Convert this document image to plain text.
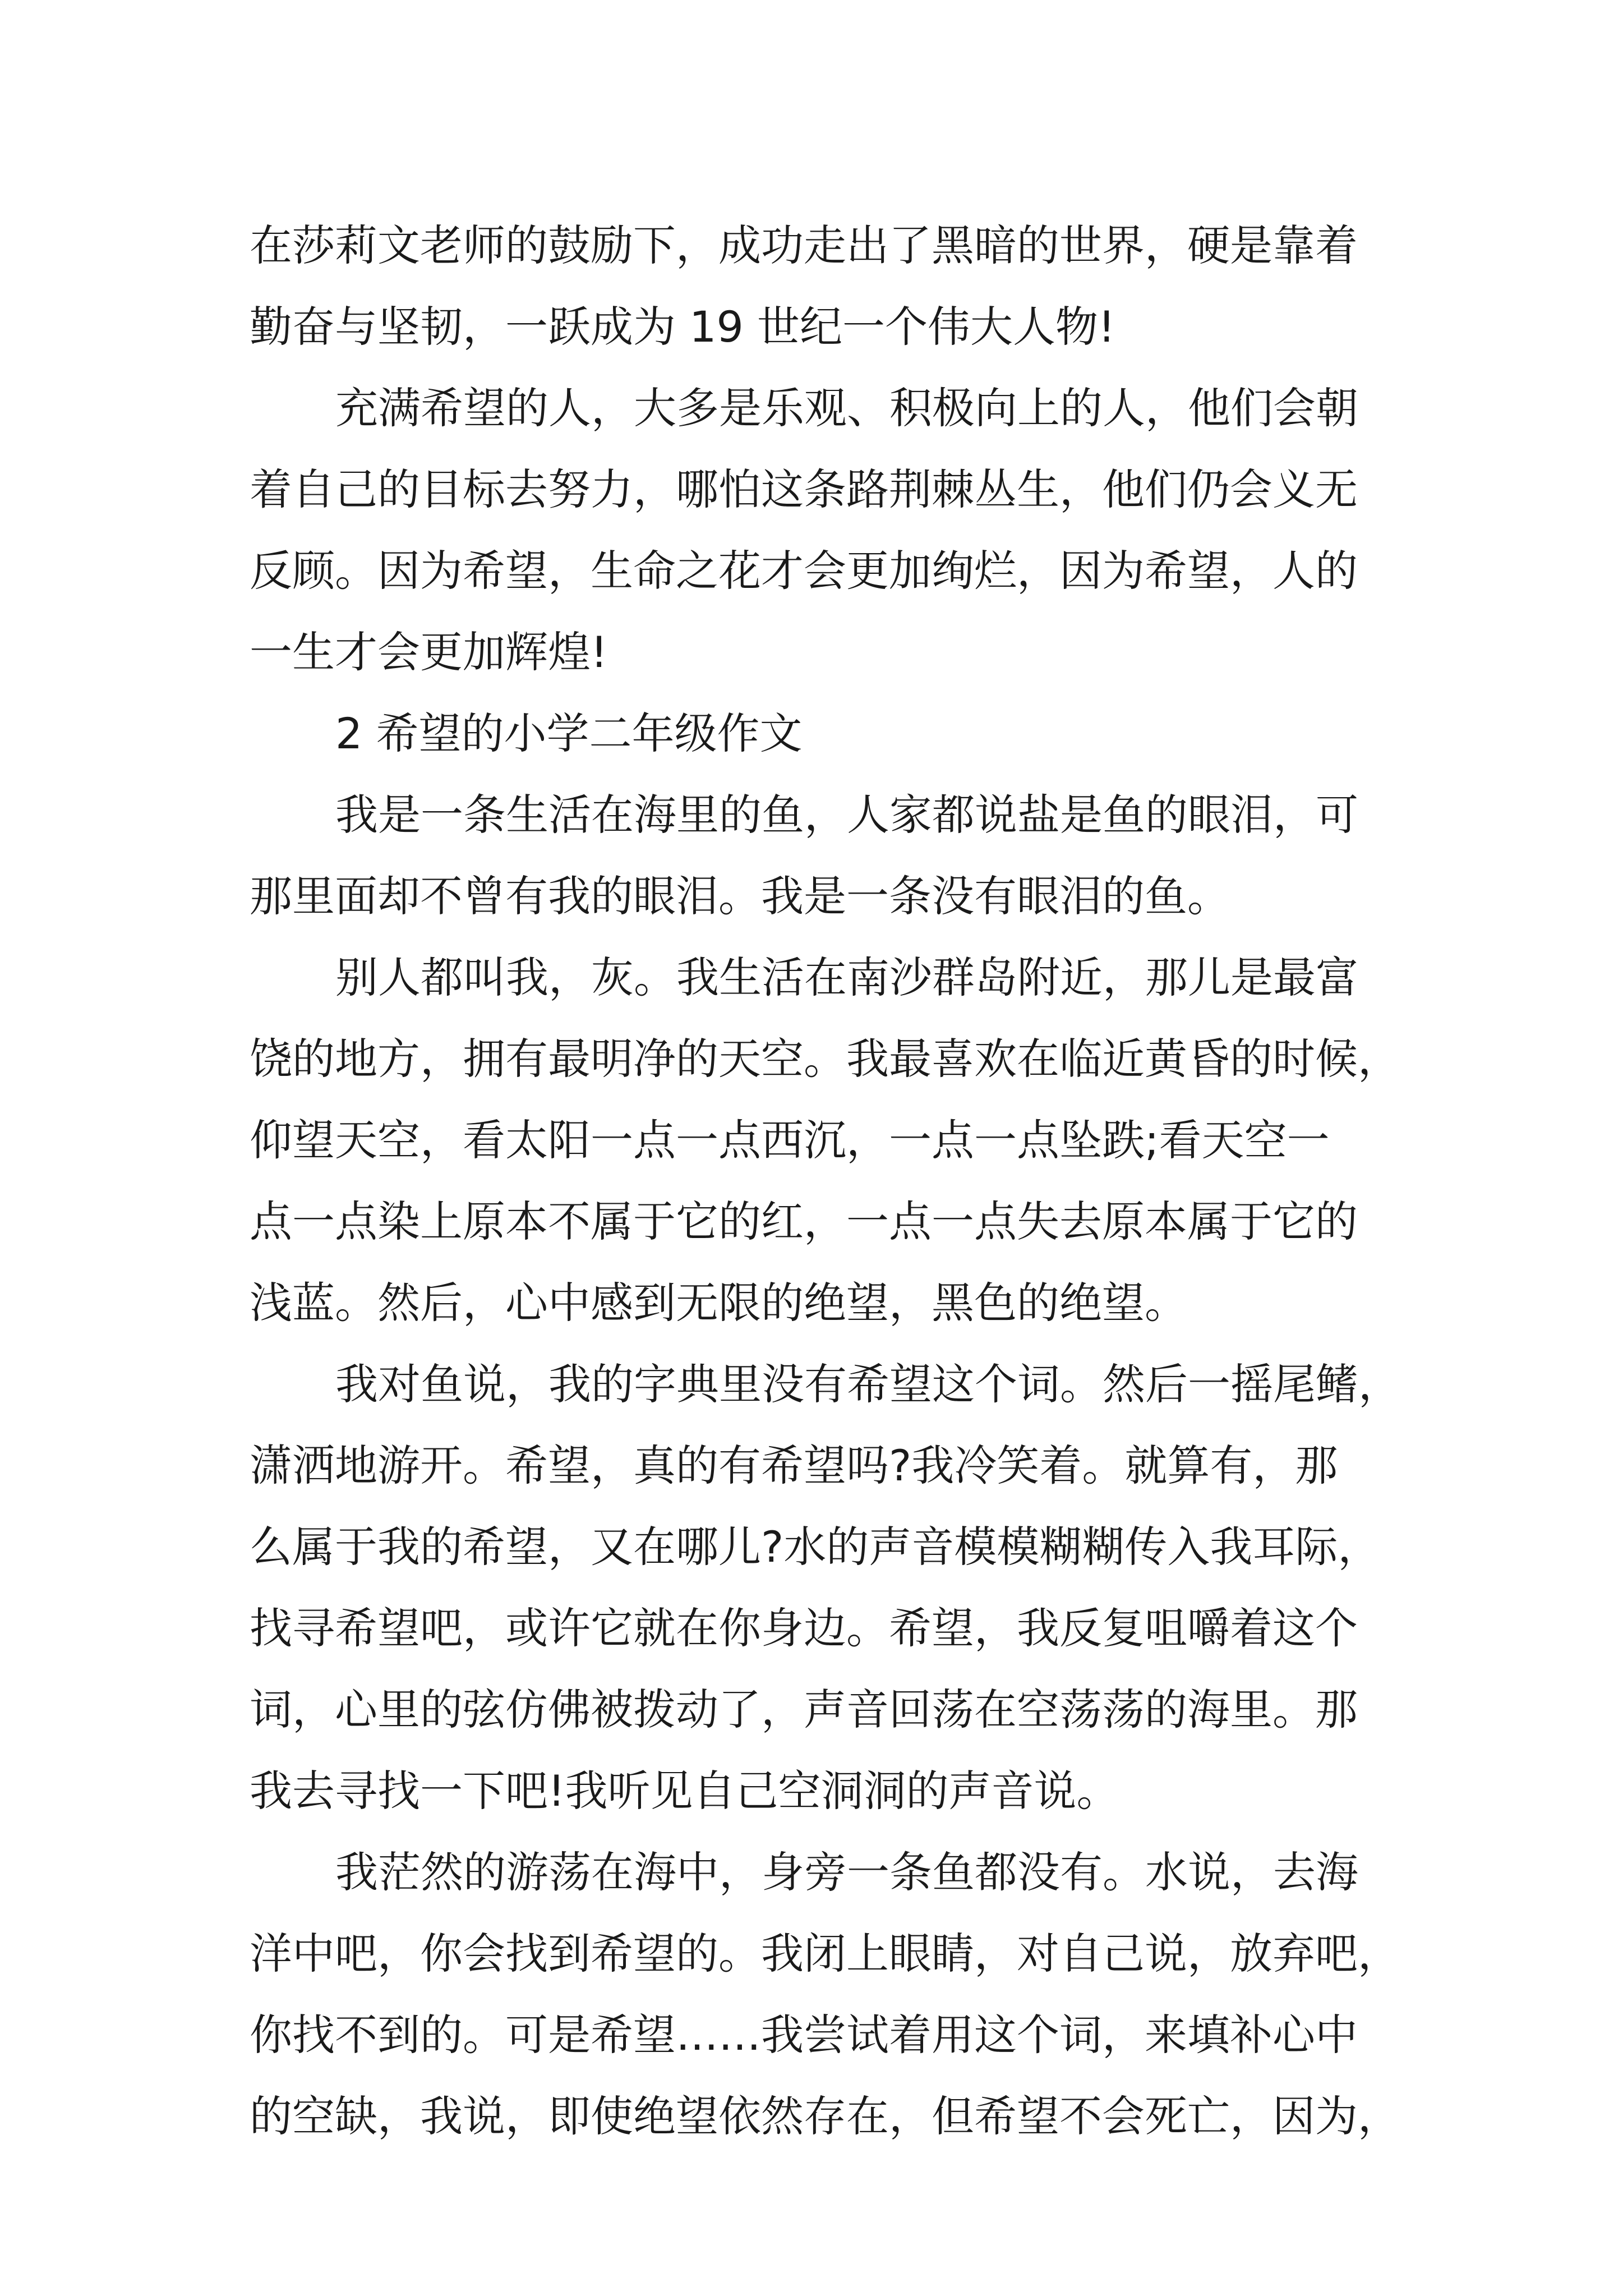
在莎莉文老师的鼓励下，成功走出了黑暗的世界，硬是靠着
勤奋与坚韧，一跃成为 19 世纪一个伟大人物!
充满希望的人，大多是乐观、积极向上的人，他们会朝
着自己的目标去努力，哪怕这条路荆棘丛生，他们仍会义无
反顾。因为希望，生命之花才会更加绚烂，因为希望，人的
一生才会更加辉煌!
2 希望的小学二年级作文
我是一条生活在海里的鱼，人家都说盐是鱼的眼泪，可
那里面却不曾有我的眼泪。我是一条没有眼泪的鱼。
别人都叫我，灰。我生活在南沙群岛附近，那儿是最富
饶的地方，拥有最明净的天空。我最喜欢在临近黄昏的时候，
仰望天空，看太阳一点一点西沉，一点一点坠跌;看天空一
点一点染上原本不属于它的红，一点一点失去原本属于它的
浅蓝。然后，心中感到无限的绝望，黑色的绝望。
我对鱼说，我的字典里没有希望这个词。然后一摇尾鳍，
潇洒地游开。希望，真的有希望吗?我冷笑着。就算有，那
么属于我的希望，又在哪儿?水的声音模模糊糊传入我耳际，
找寻希望吧，或许它就在你身边。希望，我反复咀嚼着这个
词，心里的弦仿佛被拨动了，声音回荡在空荡荡的海里。那
我去寻找一下吧!我听见自己空洞洞的声音说。
我茫然的游荡在海中，身旁一条鱼都没有。水说，去海
洋中吧，你会找到希望的。我闭上眼睛，对自己说，放弃吧，
你找不到的。可是希望……我尝试着用这个词，来填补心中
的空缺，我说，即使绝望依然存在，但希望不会死亡，因为，
